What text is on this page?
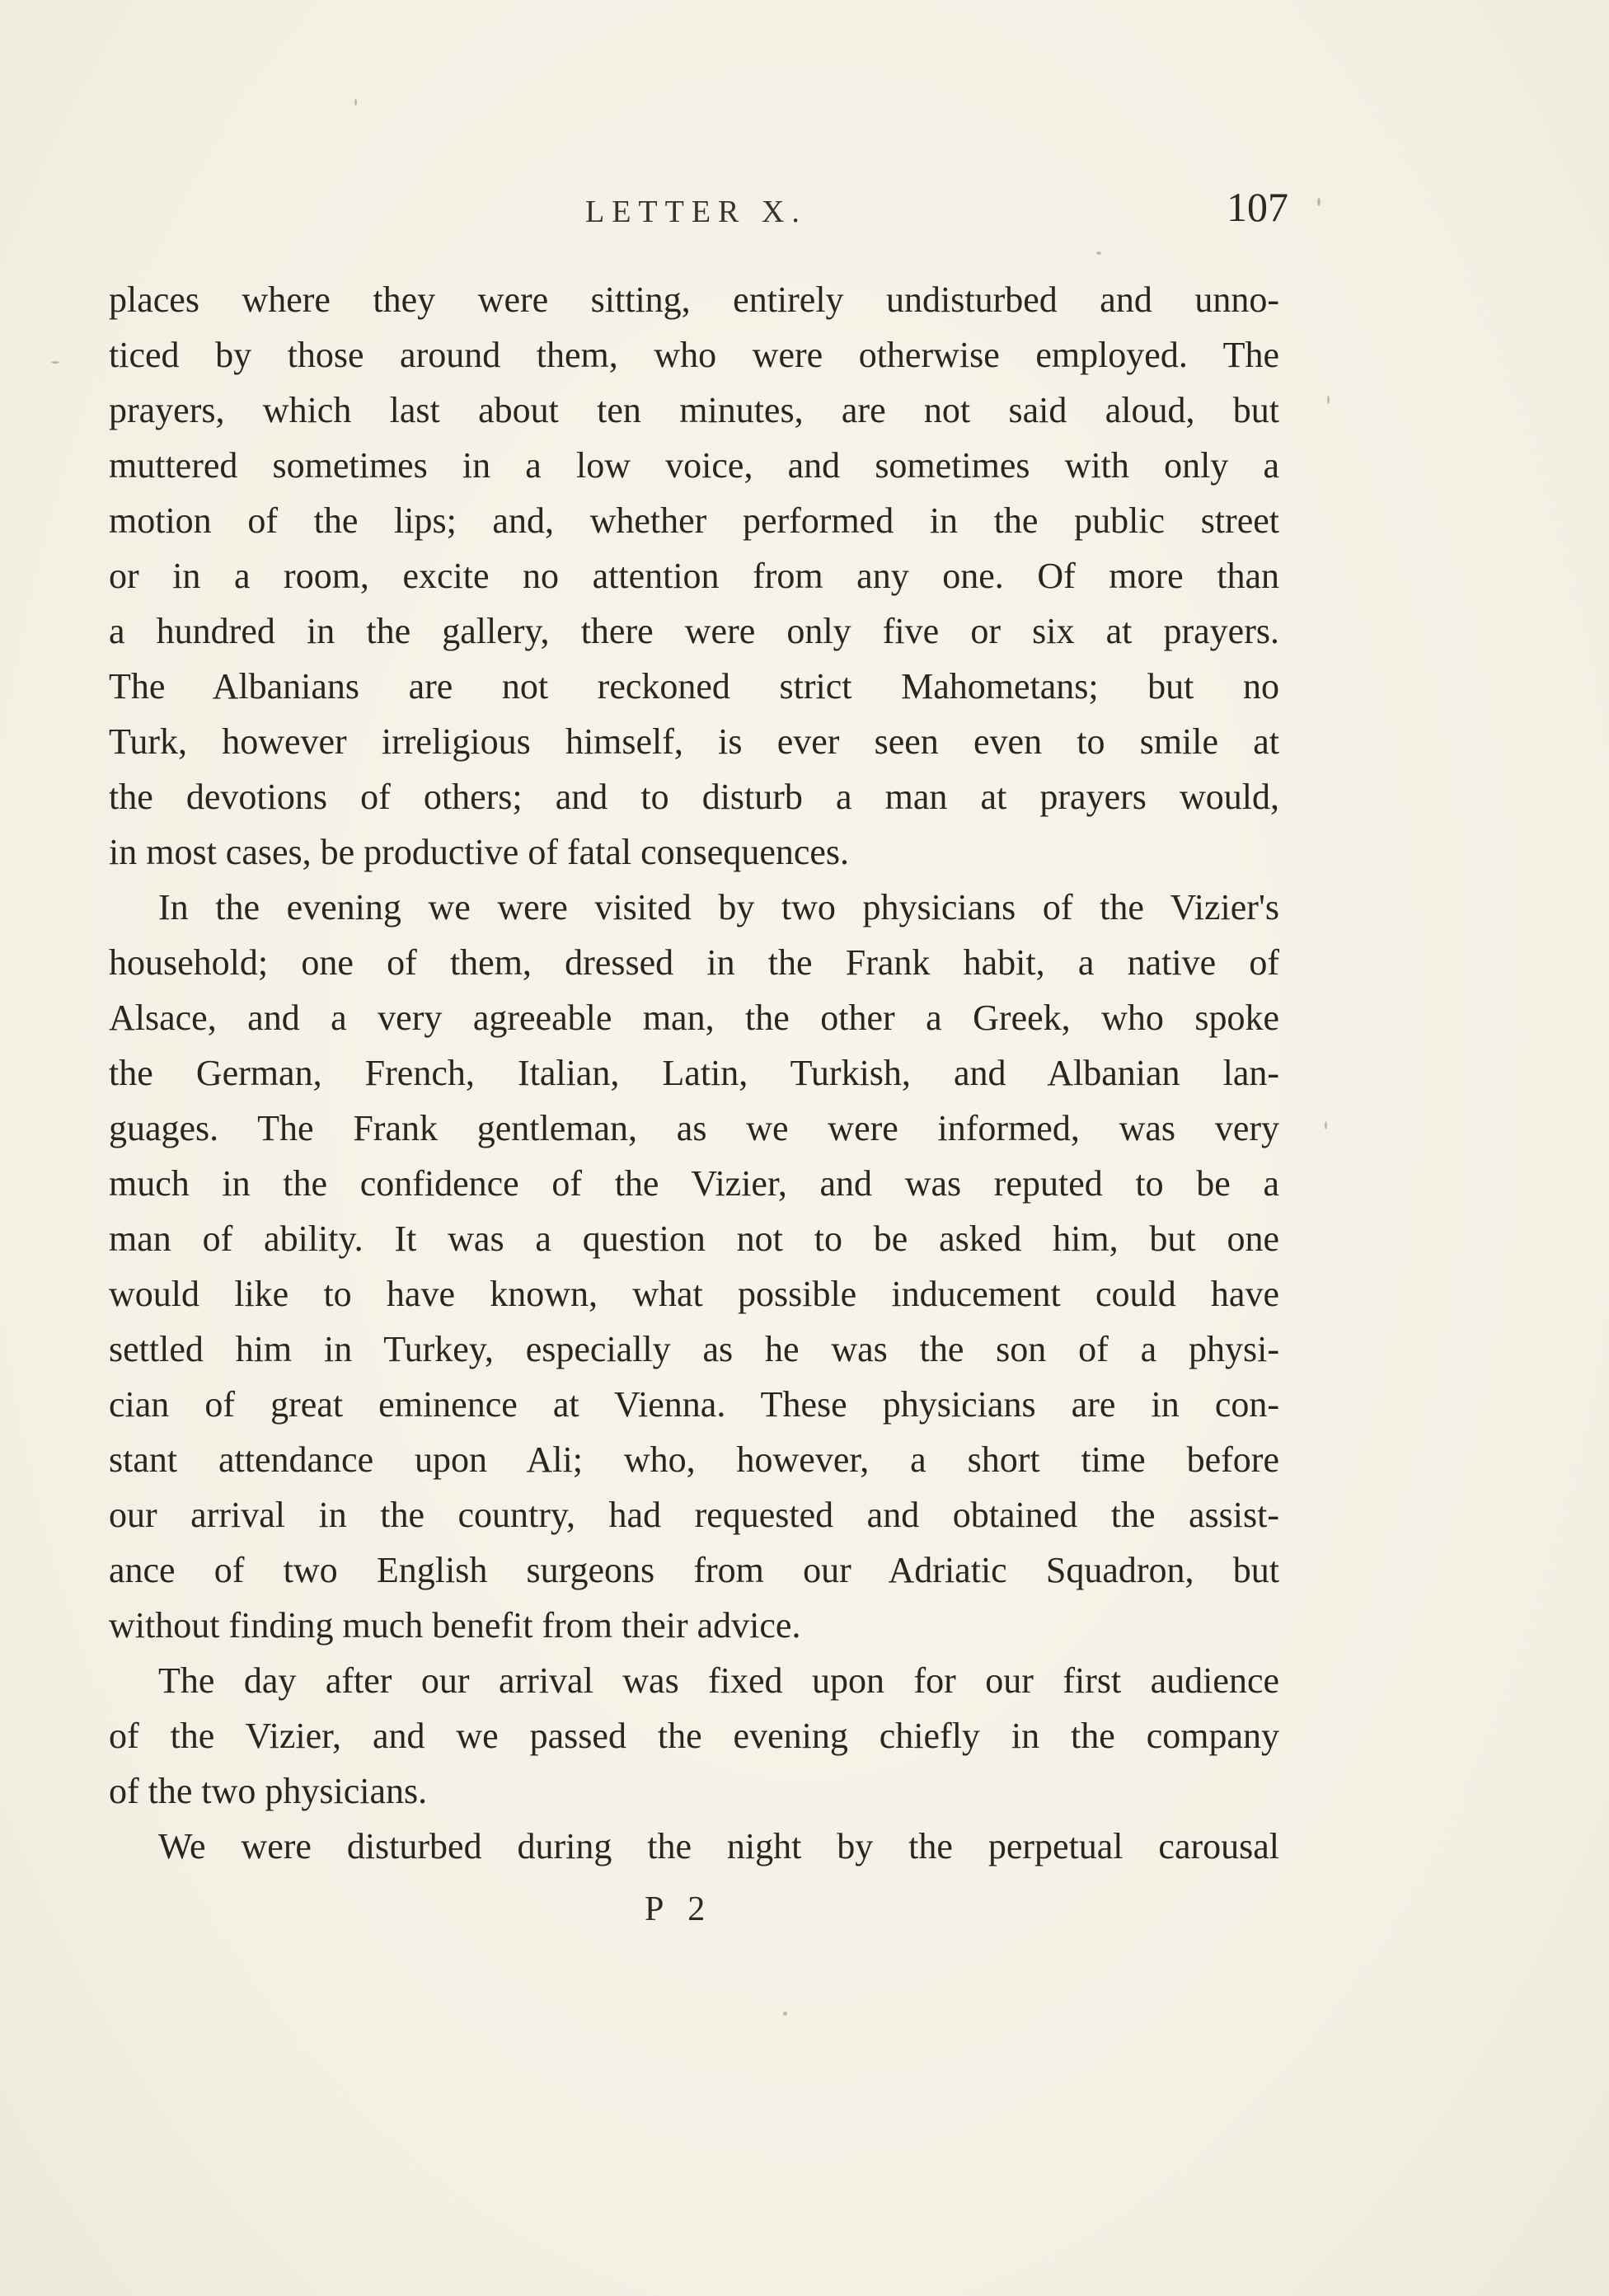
LETTER X.	107
places where they were sitting, entirely undisturbed and unno-
ticed by those around them, who were otherwise employed. The
prayers, which last about ten minutes, are not said aloud, but
muttered sometimes in a low voice, and sometimes with only a
motion of the lips; and, whether performed in the public street
or in a room, excite no attention from any one. Of more than
a hundred in the gallery, there were only five or six at prayers.
The Albanians are not reckoned strict Mahometans; but no
Turk, however irreligious himself, is ever seen even to smile at
the devotions of others; and to disturb a man at prayers would,
in most cases, be productive of fatal consequences.
In the evening we were visited by two physicians of the Vizier's
household; one of them, dressed in the Frank habit, a native of
Alsace, and a very agreeable man, the other a Greek, who spoke
the German, French, Italian, Latin, Turkish, and Albanian lan-
guages. The Frank gentleman, as we were informed, was very
much in the confidence of the Vizier, and was reputed to be a
man of ability. It was a question not to be asked him, but one
would like to have known, what possible inducement could have
settled him in Turkey, especially as he was the son of a physi-
cian of great eminence at Vienna. These physicians are in con-
stant attendance upon Ali; who, however, a short time before
our arrival in the country, had requested and obtained the assist-
ance of two English surgeons from our Adriatic Squadron, but
without finding much benefit from their advice.
The day after our arrival was fixed upon for our first audience
of the Vizier, and we passed the evening chiefly in the company
of the two physicians.
We were disturbed during the night by the perpetual carousal
P 2
